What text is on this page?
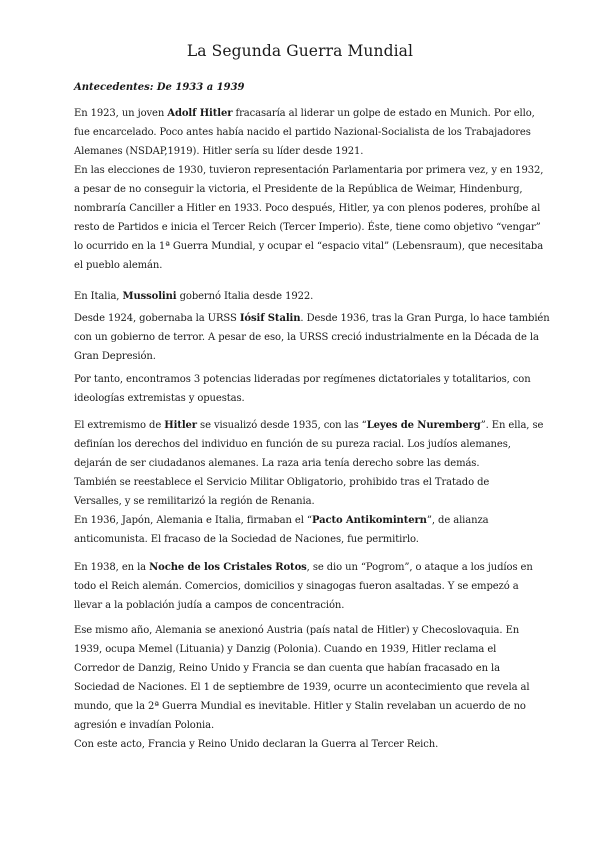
La Segunda Guerra Mundial
Antecedentes: De 1933 a 1939
En 1923, un joven Adolf Hitler fracasaría al liderar un golpe de estado en Munich. Por ello,
fue encarcelado. Poco antes había nacido el partido Nazional-Socialista de los Trabajadores
Alemanes (NSDAP,1919). Hitler sería su líder desde 1921.
En las elecciones de 1930, tuvieron representación Parlamentaria por primera vez, y en 1932,
a pesar de no conseguir la victoria, el Presidente de la República de Weimar, Hindenburg,
nombraría Canciller a Hitler en 1933. Poco después, Hitler, ya con plenos poderes, prohíbe al
resto de Partidos e inicia el Tercer Reich (Tercer Imperio). Éste, tiene como objetivo “vengar”
lo ocurrido en la 1ª Guerra Mundial, y ocupar el “espacio vital” (Lebensraum), que necesitaba
el pueblo alemán.
En Italia, Mussolini gobernó Italia desde 1922.
Desde 1924, gobernaba la URSS Iósif Stalin. Desde 1936, tras la Gran Purga, lo hace también
con un gobierno de terror. A pesar de eso, la URSS creció industrialmente en la Década de la
Gran Depresión.
Por tanto, encontramos 3 potencias lideradas por regímenes dictatoriales y totalitarios, con
ideologías extremistas y opuestas.
El extremismo de Hitler se visualizó desde 1935, con las “Leyes de Nuremberg”. En ella, se
definían los derechos del individuo en función de su pureza racial. Los judíos alemanes,
dejarán de ser ciudadanos alemanes. La raza aria tenía derecho sobre las demás.
También se reestablece el Servicio Militar Obligatorio, prohibido tras el Tratado de
Versalles, y se remilitarizó la región de Renania.
En 1936, Japón, Alemania e Italia, firmaban el “Pacto Antikomintern”, de alianza
anticomunista. El fracaso de la Sociedad de Naciones, fue permitirlo.
En 1938, en la Noche de los Cristales Rotos, se dio un “Pogrom”, o ataque a los judíos en
todo el Reich alemán. Comercios, domicilios y sinagogas fueron asaltadas. Y se empezó a
llevar a la población judía a campos de concentración.
Ese mismo año, Alemania se anexionó Austria (país natal de Hitler) y Checoslovaquia. En
1939, ocupa Memel (Lituania) y Danzig (Polonia). Cuando en 1939, Hitler reclama el
Corredor de Danzig, Reino Unido y Francia se dan cuenta que habían fracasado en la
Sociedad de Naciones. El 1 de septiembre de 1939, ocurre un acontecimiento que revela al
mundo, que la 2ª Guerra Mundial es inevitable. Hitler y Stalin revelaban un acuerdo de no
agresión e invadían Polonia.
Con este acto, Francia y Reino Unido declaran la Guerra al Tercer Reich.
